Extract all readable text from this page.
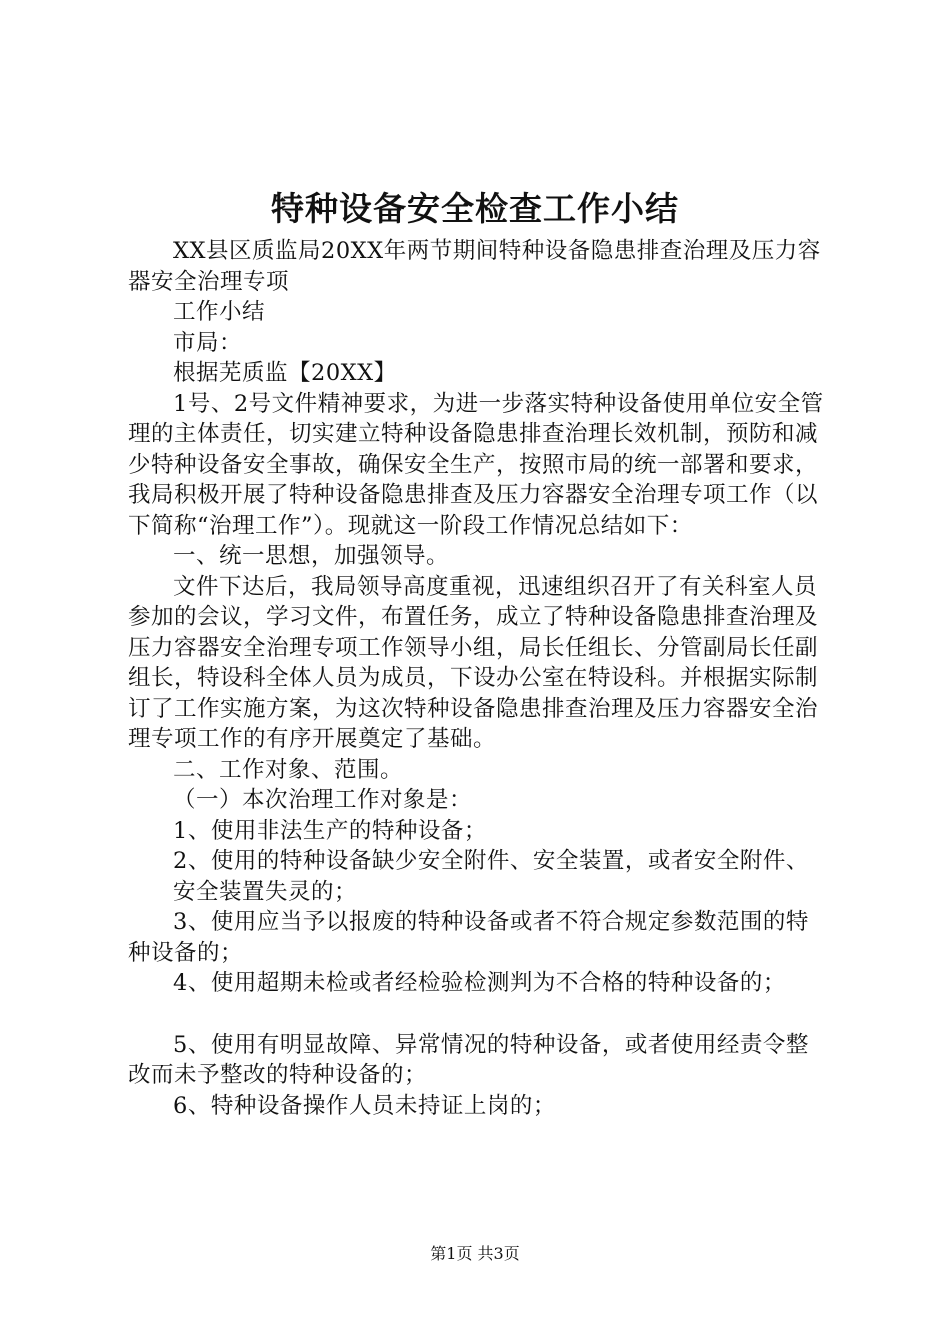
特种设备安全检查工作小结

XX县区质监局20XX年两节期间特种设备隐患排查治理及压力容器安全治理专项

工作小结

市局：

根据芜质监【20XX】

1号、2号文件精神要求，为进一步落实特种设备使用单位安全管理的主体责任，切实建立特种设备隐患排查治理长效机制，预防和减少特种设备安全事故，确保安全生产，按照市局的统一部署和要求，我局积极开展了特种设备隐患排查及压力容器安全治理专项工作（以下简称“治理工作”）。现就这一阶段工作情况总结如下：

一、统一思想，加强领导。

文件下达后，我局领导高度重视，迅速组织召开了有关科室人员参加的会议，学习文件，布置任务，成立了特种设备隐患排查治理及压力容器安全治理专项工作领导小组，局长任组长、分管副局长任副组长，特设科全体人员为成员，下设办公室在特设科。并根据实际制订了工作实施方案，为这次特种设备隐患排查治理及压力容器安全治理专项工作的有序开展奠定了基础。

二、工作对象、范围。

（一）本次治理工作对象是：

1、使用非法生产的特种设备；

2、使用的特种设备缺少安全附件、安全装置，或者安全附件、安全装置失灵的；

3、使用应当予以报废的特种设备或者不符合规定参数范围的特种设备的；

4、使用超期未检或者经检验检测判为不合格的特种设备的；

5、使用有明显故障、异常情况的特种设备，或者使用经责令整改而未予整改的特种设备的；

6、特种设备操作人员未持证上岗的；

第1页 共3页
